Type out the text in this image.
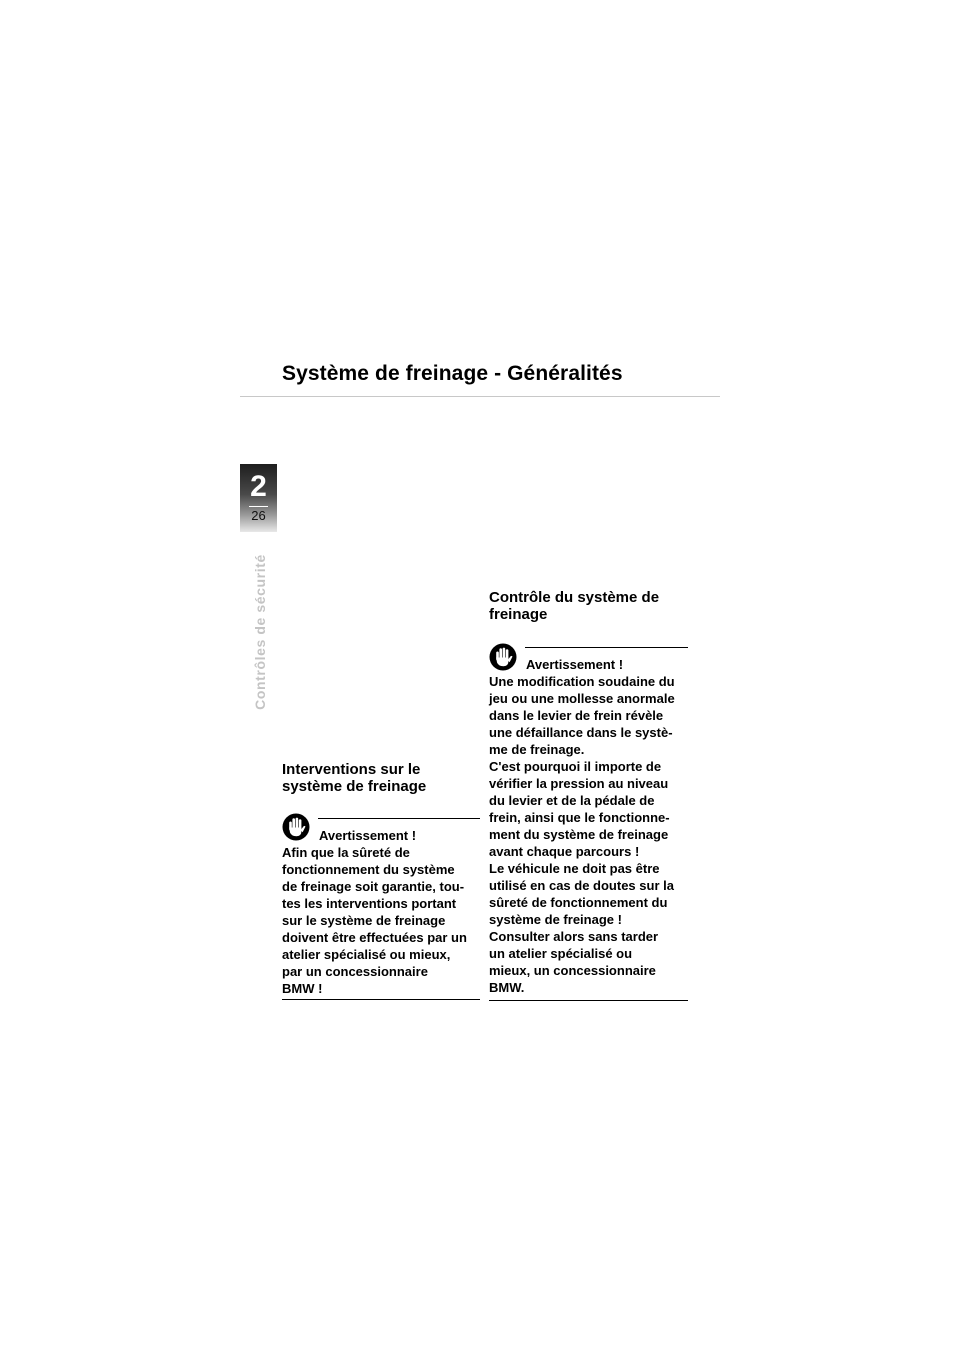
Système de freinage - Généralités
2
26
Contrôles de sécurité
Interventions sur le
système de freinage
Avertissement !

Afin que la sûreté de
fonctionnement du système
de freinage soit garantie, tou-
tes les interventions portant
sur le système de freinage
doivent être effectuées par un
atelier spécialisé ou mieux,
par un concessionnaire
BMW !

Contrôle du système de
freinage
Avertissement !

Une modification soudaine du
jeu ou une mollesse anormale
dans le levier de frein révèle
une défaillance dans le systè-
me de freinage.
C'est pourquoi il importe de
vérifier la pression au niveau
du levier et de la pédale de
frein, ainsi que le fonctionne-
ment du système de freinage
avant chaque parcours !
Le véhicule ne doit pas être
utilisé en cas de doutes sur la
sûreté de fonctionnement du
système de freinage !
Consulter alors sans tarder
un atelier spécialisé ou
mieux, un concessionnaire
BMW.
